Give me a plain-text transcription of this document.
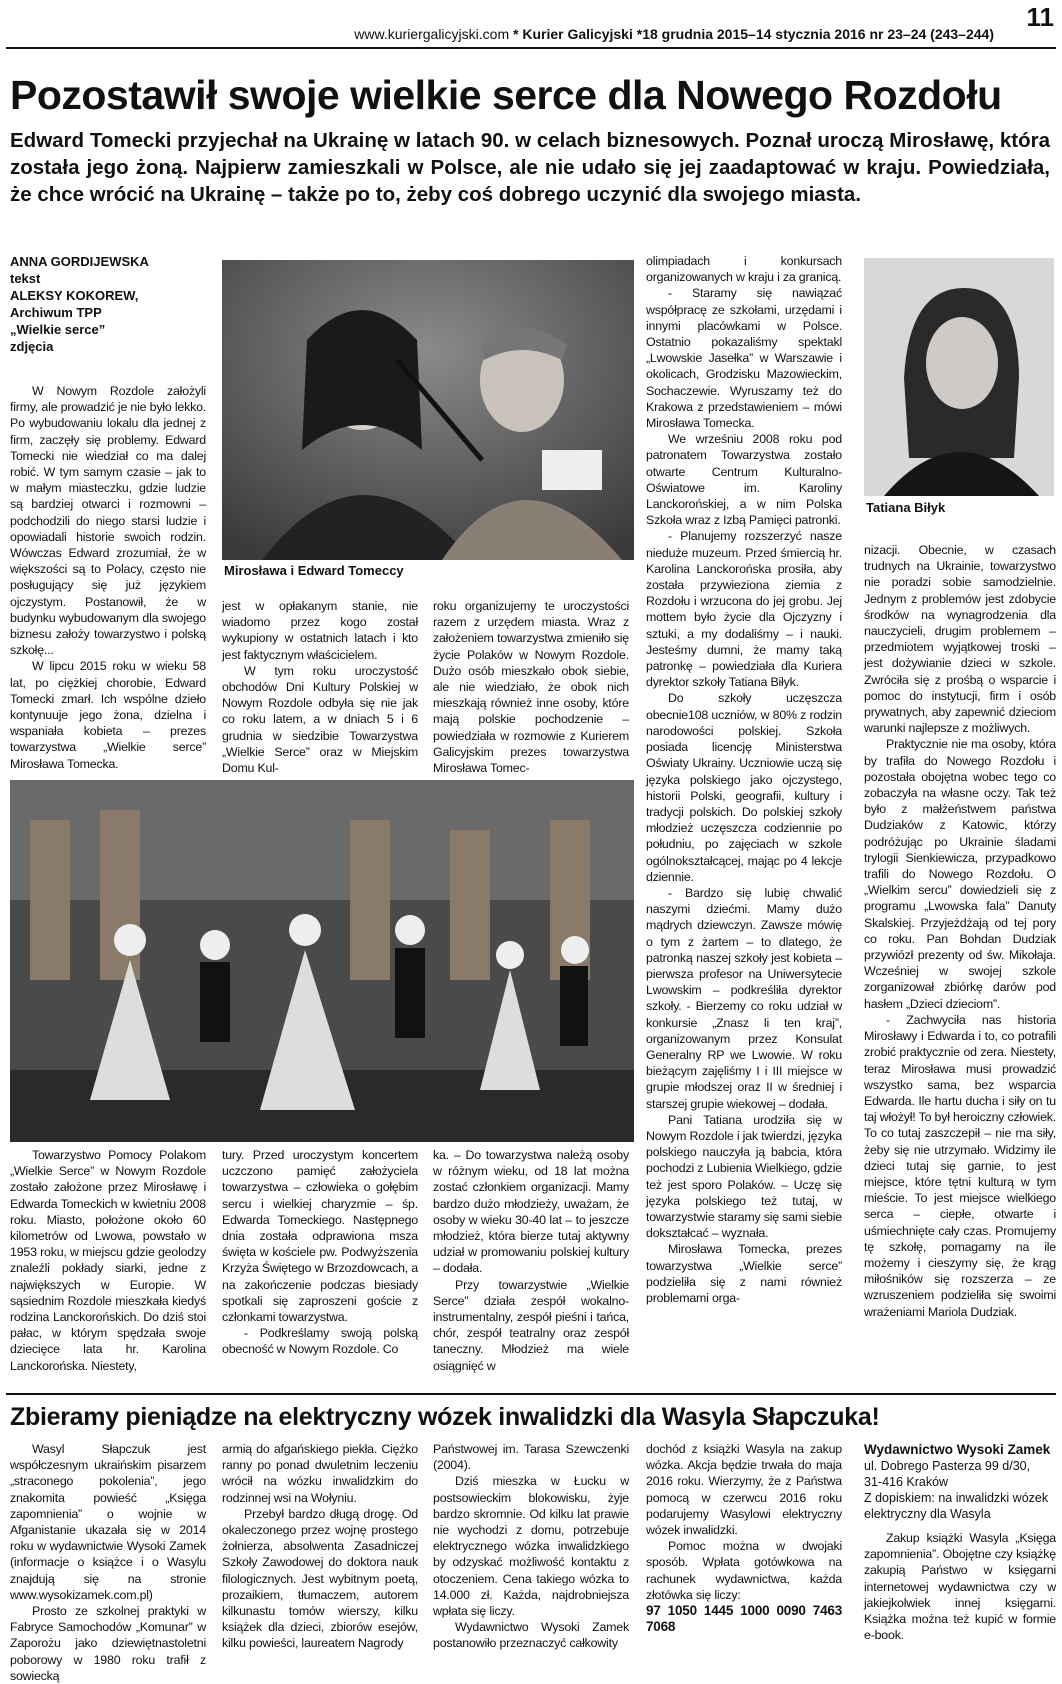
www.kuriergalicyjski.com * Kurier Galicyjski *18 grudnia 2015–14 stycznia 2016 nr 23–24 (243–244)
11
Pozostawił swoje wielkie serce dla Nowego Rozdołu
Edward Tomecki przyjechał na Ukrainę w latach 90. w celach biznesowych. Poznał uroczą Mirosławę, która została jego żoną. Najpierw zamieszkali w Polsce, ale nie udało się jej zaadaptować w kraju. Powiedziała, że chce wrócić na Ukrainę – także po to, żeby coś dobrego uczynić dla swojego miasta.
ANNA GORDIJEWSKA
tekst
ALEKSY KOKOREW,
Archiwum TPP
„Wielkie serce”
zdjęcia

W Nowym Rozdole założyli firmy, ale prowadzić je nie było lekko. Po wybudowaniu lokalu dla jednej z firm, zaczęły się problemy. Edward Tomecki nie wiedział co ma dalej robić. W tym samym czasie – jak to w małym miasteczku, gdzie ludzie są bardziej otwarci i rozmowni – podchodzili do niego starsi ludzie i opowiadali historie swoich rodzin. Wówczas Edward zrozumiał, że w większości są to Polacy, często nie posługujący się już językiem ojczystym. Postanowił, że w budynku wybudowanym dla swojego biznesu założy towarzystwo i polską szkołę...

W lipcu 2015 roku w wieku 58 lat, po ciężkiej chorobie, Edward Tomecki zmarł. Ich wspólne dzieło kontynuuje jego żona, dzielna i wspaniała kobieta – prezes towarzystwa „Wielkie serce” Mirosława Tomecka.

Mirosława i Edward Tomeccy

jest w opłakanym stanie, nie wiadomo przez kogo został wykupiony w ostatnich latach i kto jest faktycznym właścicielem.

W tym roku uroczystość obchodów Dni Kultury Polskiej w Nowym Rozdole odbyła się nie jak co roku latem, a w dniach 5 i 6 grudnia w siedzibie Towarzystwa „Wielkie Serce” oraz w Miejskim Domu Kul-

roku organizujemy te uroczystości razem z urzędem miasta. Wraz z założeniem towarzystwa zmieniło się życie Polaków w Nowym Rozdole. Dużo osób mieszkało obok siebie, ale nie wiedziało, że obok nich mieszkają również inne osoby, które mają polskie pochodzenie – powiedziała w rozmowie z Kurierem Galicyjskim prezes towarzystwa Mirosława Tomec-

olimpiadach i konkursach organizowanych w kraju i za granicą.

- Staramy się nawiązać współpracę ze szkołami, urzędami i innymi placówkami w Polsce. Ostatnio pokazaliśmy spektakl „Lwowskie Jasełka” w Warszawie i okolicach, Grodzisku Mazowieckim, Sochaczewie. Wyruszamy też do Krakowa z przedstawieniem – mówi Mirosława Tomecka.

We wrześniu 2008 roku pod patronatem Towarzystwa zostało otwarte Centrum Kulturalno-Oświatowe im. Karoliny Lanckorońskiej, a w nim Polska Szkoła wraz z Izbą Pamięci patronki.

- Planujemy rozszerzyć nasze nieduże muzeum. Przed śmiercią hr. Karolina Lanckorońska prosiła, aby została przywieziona ziemia z Rozdołu i wrzucona do jej grobu. Jej mottem było życie dla Ojczyzny i sztuki, a my dodaliśmy – i nauki. Jesteśmy dumni, że mamy taką patronkę – powiedziała dla Kuriera dyrektor szkoły Tatiana Biłyk.

Do szkoły uczęszcza obecnie108 uczniów, w 80% z rodzin narodowości polskiej. Szkoła posiada licencję Ministerstwa Oświaty Ukrainy. Uczniowie uczą się języka polskiego jako ojczystego, historii Polski, geografii, kultury i tradycji polskich. Do polskiej szkoły młodzież uczęszcza codziennie po południu, po zajęciach w szkole ogólnokształcącej, mając po 4 lekcje dziennie.

- Bardzo się lubię chwalić naszymi dziećmi. Mamy dużo mądrych dziewczyn. Zawsze mówię o tym z żartem – to dlatego, że patronką naszej szkoły jest kobieta – pierwsza profesor na Uniwersytecie Lwowskim – podkreśliła dyrektor szkoły. - Bierzemy co roku udział w konkursie „Znasz li ten kraj”, organizowanym przez Konsulat Generalny RP we Lwowie. W roku bieżącym zajęliśmy I i III miejsce w grupie młodszej oraz II w średniej i starszej grupie wiekowej – dodała.

Pani Tatiana urodziła się w Nowym Rozdole i jak twierdzi, języka polskiego nauczyła ją babcia, która pochodzi z Lubienia Wielkiego, gdzie też jest sporo Polaków. – Uczę się języka polskiego też tutaj, w towarzystwie staramy się sami siebie dokształcać – wyznała.

Mirosława Tomecka, prezes towarzystwa „Wielkie serce” podzieliła się z nami również problemami orga-

Tatiana Biłyk

nizacji. Obecnie, w czasach trudnych na Ukrainie, towarzystwo nie poradzi sobie samodzielnie. Jednym z problemów jest zdobycie środków na wynagrodzenia dla nauczycieli, drugim problemem – przedmiotem wyjątkowej troski – jest dożywianie dzieci w szkole. Zwróciła się z prośbą o wsparcie i pomoc do instytucji, firm i osób prywatnych, aby zapewnić dzieciom warunki najlepsze z możliwych.

Praktycznie nie ma osoby, która by trafiła do Nowego Rozdołu i pozostała obojętna wobec tego co zobaczyła na własne oczy. Tak też było z małżeństwem państwa Dudziaków z Katowic, którzy podróżując po Ukrainie śladami trylogii Sienkiewicza, przypadkowo trafili do Nowego Rozdołu. O „Wielkim sercu” dowiedzieli się z programu „Lwowska fala” Danuty Skalskiej. Przyjeżdżają od tej pory co roku. Pan Bohdan Dudziak przywiózł prezenty od św. Mikołaja. Wcześniej w swojej szkole zorganizował zbiórkę darów pod hasłem „Dzieci dzieciom”.

- Zachwyciła nas historia Mirosławy i Edwarda i to, co potrafili zrobić praktycznie od zera. Niestety, teraz Mirosława musi prowadzić wszystko sama, bez wsparcia Edwarda. Ile hartu ducha i siły on tu taj włożył! To był heroiczny człowiek. To co tutaj zaszczepił – nie ma siły, żeby się nie utrzymało. Widzimy ile dzieci tutaj się garnie, to jest miejsce, które tętni kulturą w tym mieście. To jest miejsce wielkiego serca – ciepłe, otwarte i uśmiechnięte cały czas. Promujemy tę szkołę, pomagamy na ile możemy i cieszymy się, że krąg miłośników się rozszerza – ze wzruszeniem podzieliła się swoimi wrażeniami Mariola Dudziak.

Towarzystwo Pomocy Polakom „Wielkie Serce” w Nowym Rozdole zostało założone przez Mirosławę i Edwarda Tomeckich w kwietniu 2008 roku. Miasto, położone około 60 kilometrów od Lwowa, powstało w 1953 roku, w miejscu gdzie geolodzy znaleźli pokłady siarki, jedne z największych w Europie. W sąsiednim Rozdole mieszkała kiedyś rodzina Lanckorońskich. Do dziś stoi pałac, w którym spędzała swoje dziecięce lata hr. Karolina Lanckorońska. Niestety,

tury. Przed uroczystym koncertem uczczono pamięć założyciela towarzystwa – człowieka o gołębim sercu i wielkiej charyzmie – śp. Edwarda Tomeckiego. Następnego dnia została odprawiona msza święta w kościele pw. Podwyższenia Krzyża Świętego w Brzozdowcach, a na zakończenie podczas biesiady spotkali się zaproszeni goście z członkami towarzystwa.

- Podkreślamy swoją polską obecność w Nowym Rozdole. Co

ka. – Do towarzystwa należą osoby w różnym wieku, od 18 lat można zostać członkiem organizacji. Mamy bardzo dużo młodzieży, uważam, że osoby w wieku 30-40 lat – to jeszcze młodzież, która bierze tutaj aktywny udział w promowaniu polskiej kultury – dodała.

Przy towarzystwie „Wielkie Serce” działa zespół wokalno-instrumentalny, zespół pieśni i tańca, chór, zespół teatralny oraz zespół taneczny. Młodzież ma wiele osiągnięć w

Zbieramy pieniądze na elektryczny wózek inwalidzki dla Wasyla Słapczuka!

Wasyl Słapczuk jest współczesnym ukraińskim pisarzem „straconego pokolenia”, jego znakomita powieść „Księga zapomnienia” o wojnie w Afganistanie ukazała się w 2014 roku w wydawnictwie Wysoki Zamek (informacje o książce i o Wasylu znajdują się na stronie www.wysokizamek.com.pl)

Prosto ze szkolnej praktyki w Fabryce Samochodów „Komunar” w Zaporożu jako dziewiętnastoletni poborowy w 1980 roku trafił z sowiecką

armią do afgańskiego piekła. Ciężko ranny po ponad dwuletnim leczeniu wrócił na wózku inwalidzkim do rodzinnej wsi na Wołyniu.

Przebył bardzo długą drogę. Od okaleczonego przez wojnę prostego żołnierza, absolwenta Zasadniczej Szkoły Zawodowej do doktora nauk filologicznych. Jest wybitnym poetą, prozaikiem, tłumaczem, autorem kilkunastu tomów wierszy, kilku książek dla dzieci, zbiorów esejów, kilku powieści, laureatem Nagrody

Państwowej im. Tarasa Szewczenki (2004).

Dziś mieszka w Łucku w postsowieckim blokowisku, żyje bardzo skromnie. Od kilku lat prawie nie wychodzi z domu, potrzebuje elektrycznego wózka inwalidzkiego by odzyskać możliwość kontaktu z otoczeniem. Cena takiego wózka to 14.000 zł. Każda, najdrobniejsza wpłata się liczy.

Wydawnictwo Wysoki Zamek postanowiło przeznaczyć całkowity

dochód z książki Wasyla na zakup wózka. Akcja będzie trwała do maja 2016 roku. Wierzymy, że z Państwa pomocą w czerwcu 2016 roku podarujemy Wasylowi elektryczny wózek inwalidzki.

Pomoc można w dwojaki sposób. Wpłata gotówkowa na rachunek wydawnictwa, każda złotówka się liczy:

97 1050 1445 1000 0090 7463 7068
Wydawnictwo Wysoki Zamek
ul. Dobrego Pasterza 99 d/30,
31-416 Kraków
Z dopiskiem: na inwalidzki wózek elektryczny dla Wasyla

Zakup książki Wasyla „Księga zapomnienia”. Obojętne czy książkę zakupią Państwo w księgarni internetowej wydawnictwa czy w jakiejkolwiek innej księgarni. Książka można też kupić w formie e-book.
